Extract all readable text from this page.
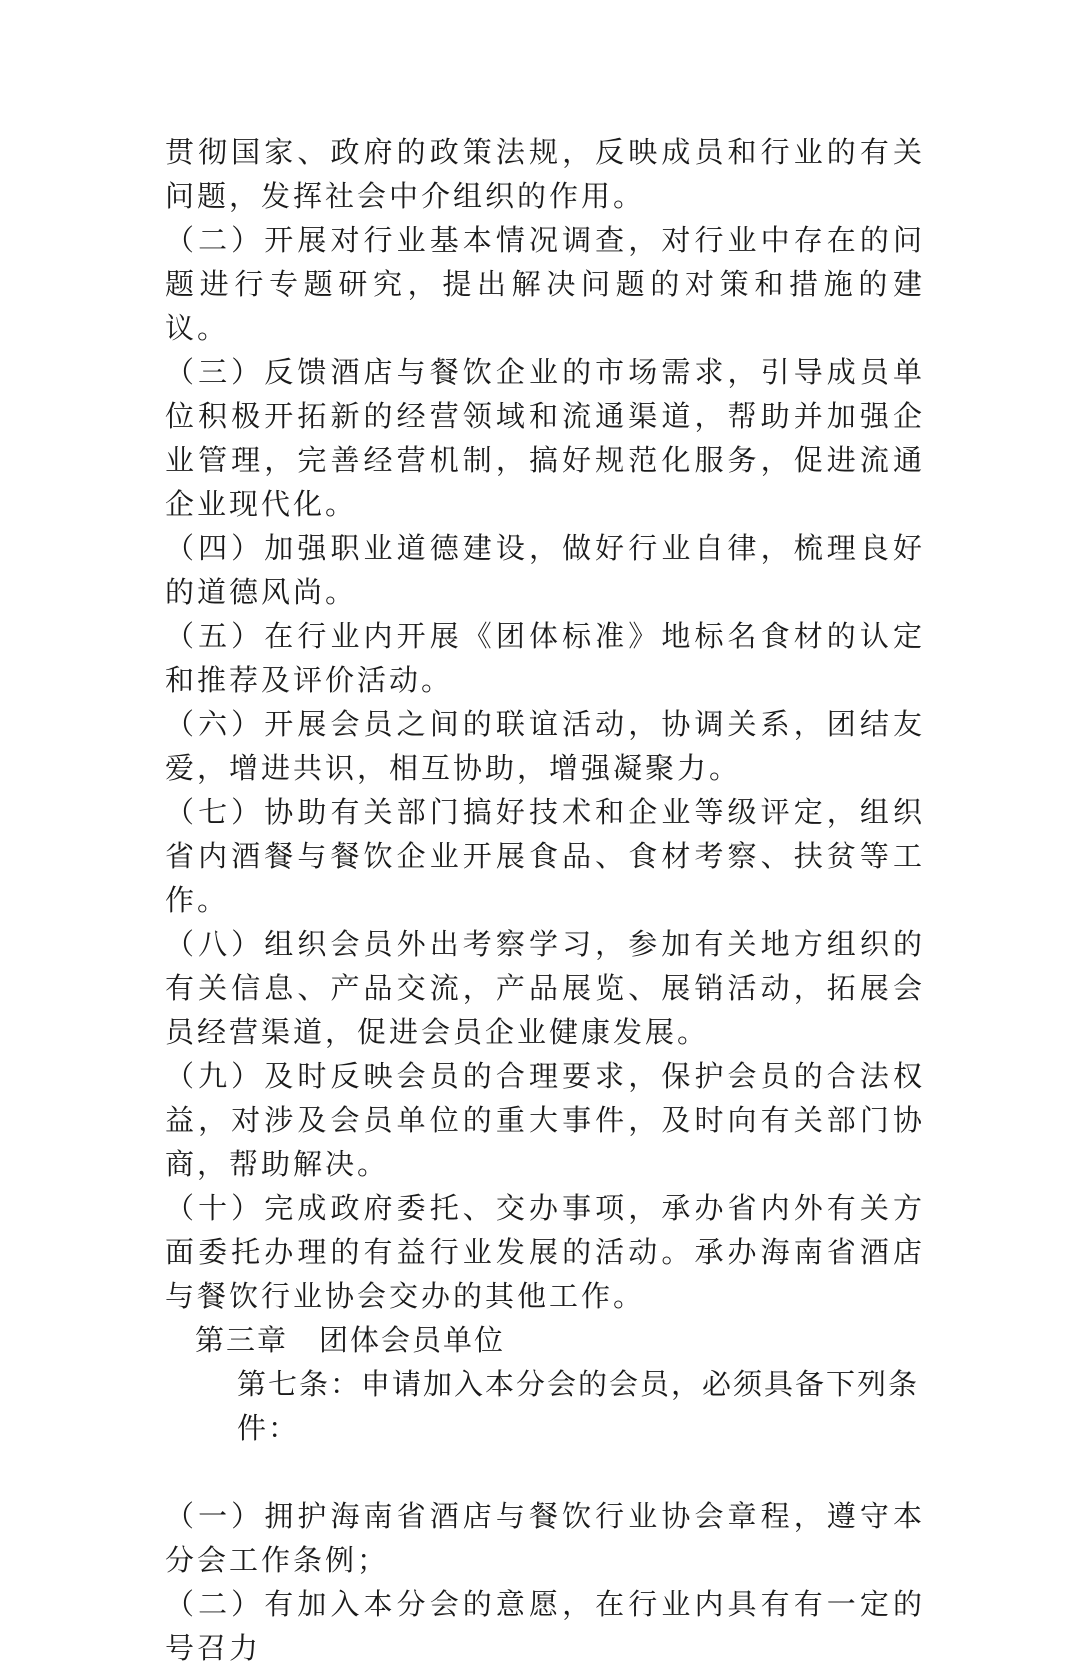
贯彻国家、政府的政策法规，反映成员和行业的有关问题，发挥社会中介组织的作用。

（二）开展对行业基本情况调查，对行业中存在的问题进行专题研究，提出解决问题的对策和措施的建议。

（三）反馈酒店与餐饮企业的市场需求，引导成员单位积极开拓新的经营领域和流通渠道，帮助并加强企业管理，完善经营机制，搞好规范化服务，促进流通企业现代化。

（四）加强职业道德建设，做好行业自律，梳理良好的道德风尚。

（五）在行业内开展《团体标准》地标名食材的认定和推荐及评价活动。

（六）开展会员之间的联谊活动，协调关系，团结友爱，增进共识，相互协助，增强凝聚力。

（七）协助有关部门搞好技术和企业等级评定，组织省内酒餐与餐饮企业开展食品、食材考察、扶贫等工作。

（八）组织会员外出考察学习，参加有关地方组织的有关信息、产品交流，产品展览、展销活动，拓展会员经营渠道，促进会员企业健康发展。

（九）及时反映会员的合理要求，保护会员的合法权益，对涉及会员单位的重大事件，及时向有关部门协商，帮助解决。

（十）完成政府委托、交办事项，承办省内外有关方面委托办理的有益行业发展的活动。承办海南省酒店与餐饮行业协会交办的其他工作。

第三章　团体会员单位

第七条：申请加入本分会的会员，必须具备下列条件：

（一）拥护海南省酒店与餐饮行业协会章程，遵守本分会工作条例；

（二）有加入本分会的意愿，在行业内具有有一定的号召力
